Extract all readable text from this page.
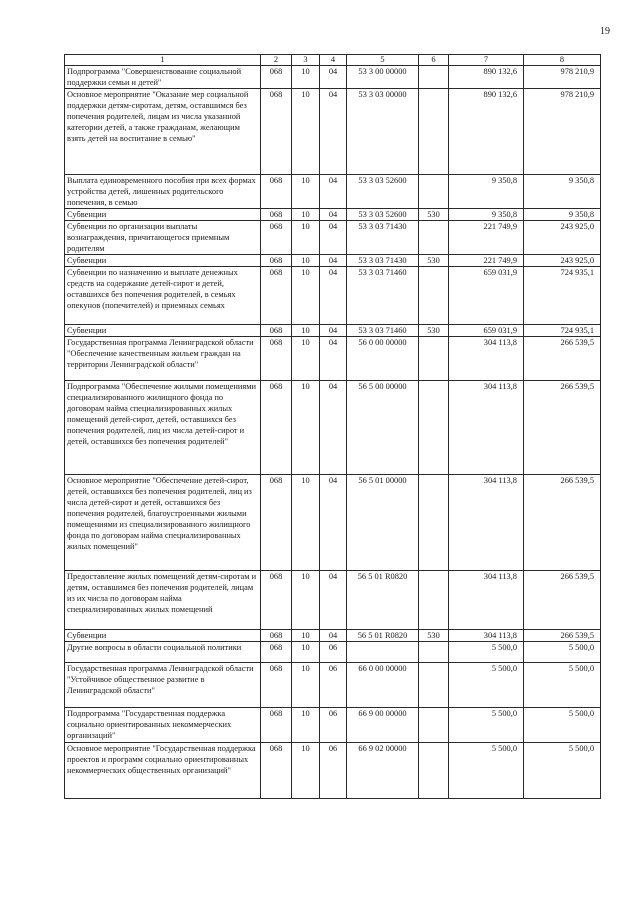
19
1	2	3	4	5	6	7	8
Подпрограмма "Совершенствование социальной поддержки семьи и детей"	068	10	04	53 3 00 00000		890 132,6	978 210,9
Основное мероприятие "Оказание мер социальной поддержки детям-сиротам, детям, оставшимся без попечения родителей, лицам из числа указанной категории детей, а также гражданам, желающим взять детей на воспитание в семью"	068	10	04	53 3 03 00000		890 132,6	978 210,9
Выплата единовременного пособия при всех формах устройства детей, лишенных родительского попечения, в семью	068	10	04	53 3 03 52600		9 350,8	9 350,8
Субвенции	068	10	04	53 3 03 52600	530	9 350,8	9 350,8
Субвенции по организации выплаты вознаграждения, причитающегося приемным родителям	068	10	04	53 3 03 71430		221 749,9	243 925,0
Субвенции	068	10	04	53 3 03 71430	530	221 749,9	243 925,0
Субвенции по назначению и выплате денежных средств на содержание детей-сирот и детей, оставшихся без попечения родителей, в семьях опекунов (попечителей) и приемных семьях	068	10	04	53 3 03 71460		659 031,9	724 935,1
Субвенции	068	10	04	53 3 03 71460	530	659 031,9	724 935,1
Государственная программа Ленинградской области "Обеспечение качественным жильем граждан на территории Ленинградской области"	068	10	04	56 0 00 00000		304 113,8	266 539,5
Подпрограмма "Обеспечение жилыми помещениями специализированного жилищного фонда по договорам найма специализированных жилых помещений детей-сирот, детей, оставшихся без попечения родителей, лиц из числа детей-сирот и детей, оставшихся без попечения родителей"	068	10	04	56 5 00 00000		304 113,8	266 539,5
Основное мероприятие "Обеспечение детей-сирот, детей, оставшихся без попечения родителей, лиц из числа детей-сирот и детей, оставшихся без попечения родителей, благоустроенными жилыми помещениями из специализированного жилищного фонда по договорам найма специализированных жилых помещений"	068	10	04	56 5 01 00000		304 113,8	266 539,5
Предоставление жилых помещений детям-сиротам и детям, оставшимся без попечения родителей, лицам из их числа по договорам найма специализированных жилых помещений	068	10	04	56 5 01 R0820		304 113,8	266 539,5
Субвенции	068	10	04	56 5 01 R0820	530	304 113,8	266 539,5
Другие вопросы в области социальной политики	068	10	06			5 500,0	5 500,0
Государственная программа Ленинградской области "Устойчивое общественное развитие в Ленинградской области"	068	10	06	66 0 00 00000		5 500,0	5 500,0
Подпрограмма "Государственная поддержка социально ориентированных некоммерческих организаций"	068	10	06	66 9 00 00000		5 500,0	5 500,0
Основное мероприятие "Государственная поддержка проектов и программ социально ориентированных некоммерческих общественных организаций"	068	10	06	66 9 02 00000		5 500,0	5 500,0
